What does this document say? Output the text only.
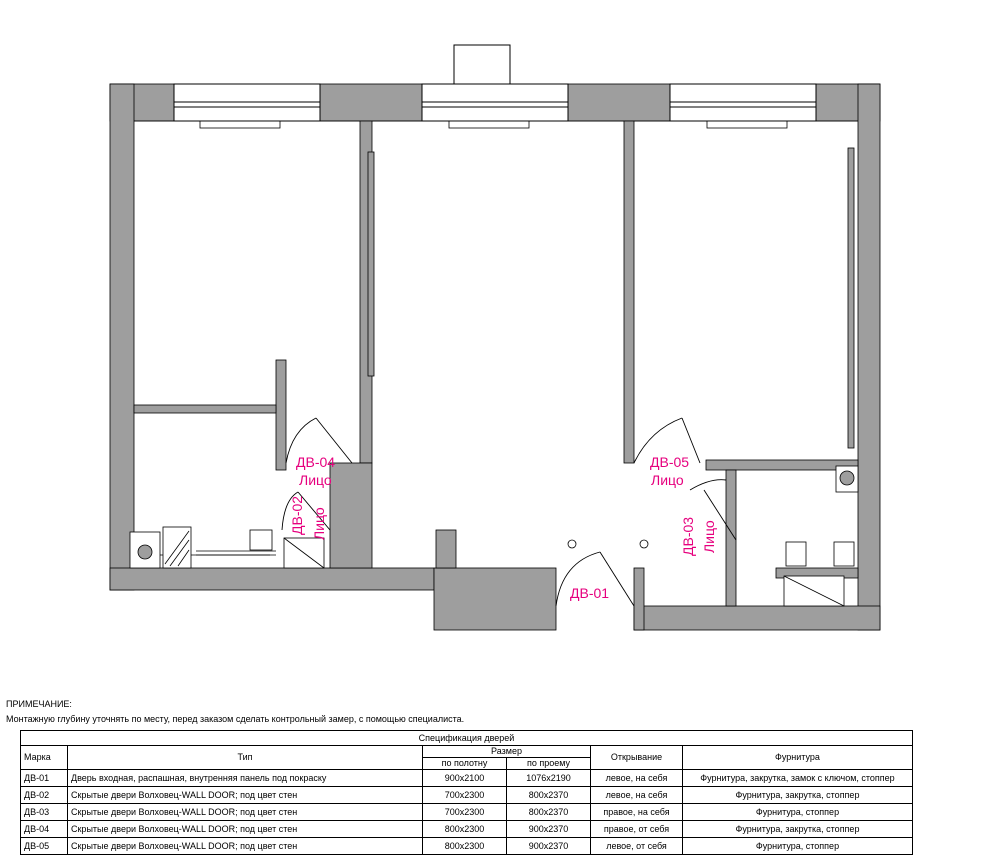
ДВ-01
ДВ-04
Лицо
ДВ-05
Лицо
ДВ-02 Лицо	ДВ-03 Лицо
ПРИМЕЧАНИЕ:
Монтажную глубину уточнять по месту, перед заказом сделать контрольный замер, с помощью специалиста.
Спецификация дверей					
Марка	Тип	Размер		Открывание	Фурнитура
		по полотну	по проему		
ДВ-01	Дверь входная, распашная, внутренняя панель под покраску	900x2100	1076x2190	левое, на себя	Фурнитура, закрутка, замок с ключом, стоппер
ДВ-02	Скрытые двери Волховец-WALL DOOR; под цвет стен	700x2300	800x2370	левое, на себя	Фурнитура, закрутка, стоппер
ДВ-03	Скрытые двери Волховец-WALL DOOR; под цвет стен	700x2300	800x2370	правое, на себя	Фурнитура, стоппер
ДВ-04	Скрытые двери Волховец-WALL DOOR; под цвет стен	800x2300	900x2370	правое, от себя	Фурнитура, закрутка, стоппер
ДВ-05	Скрытые двери Волховец-WALL DOOR; под цвет стен	800x2300	900x2370	левое, от себя	Фурнитура, стоппер
